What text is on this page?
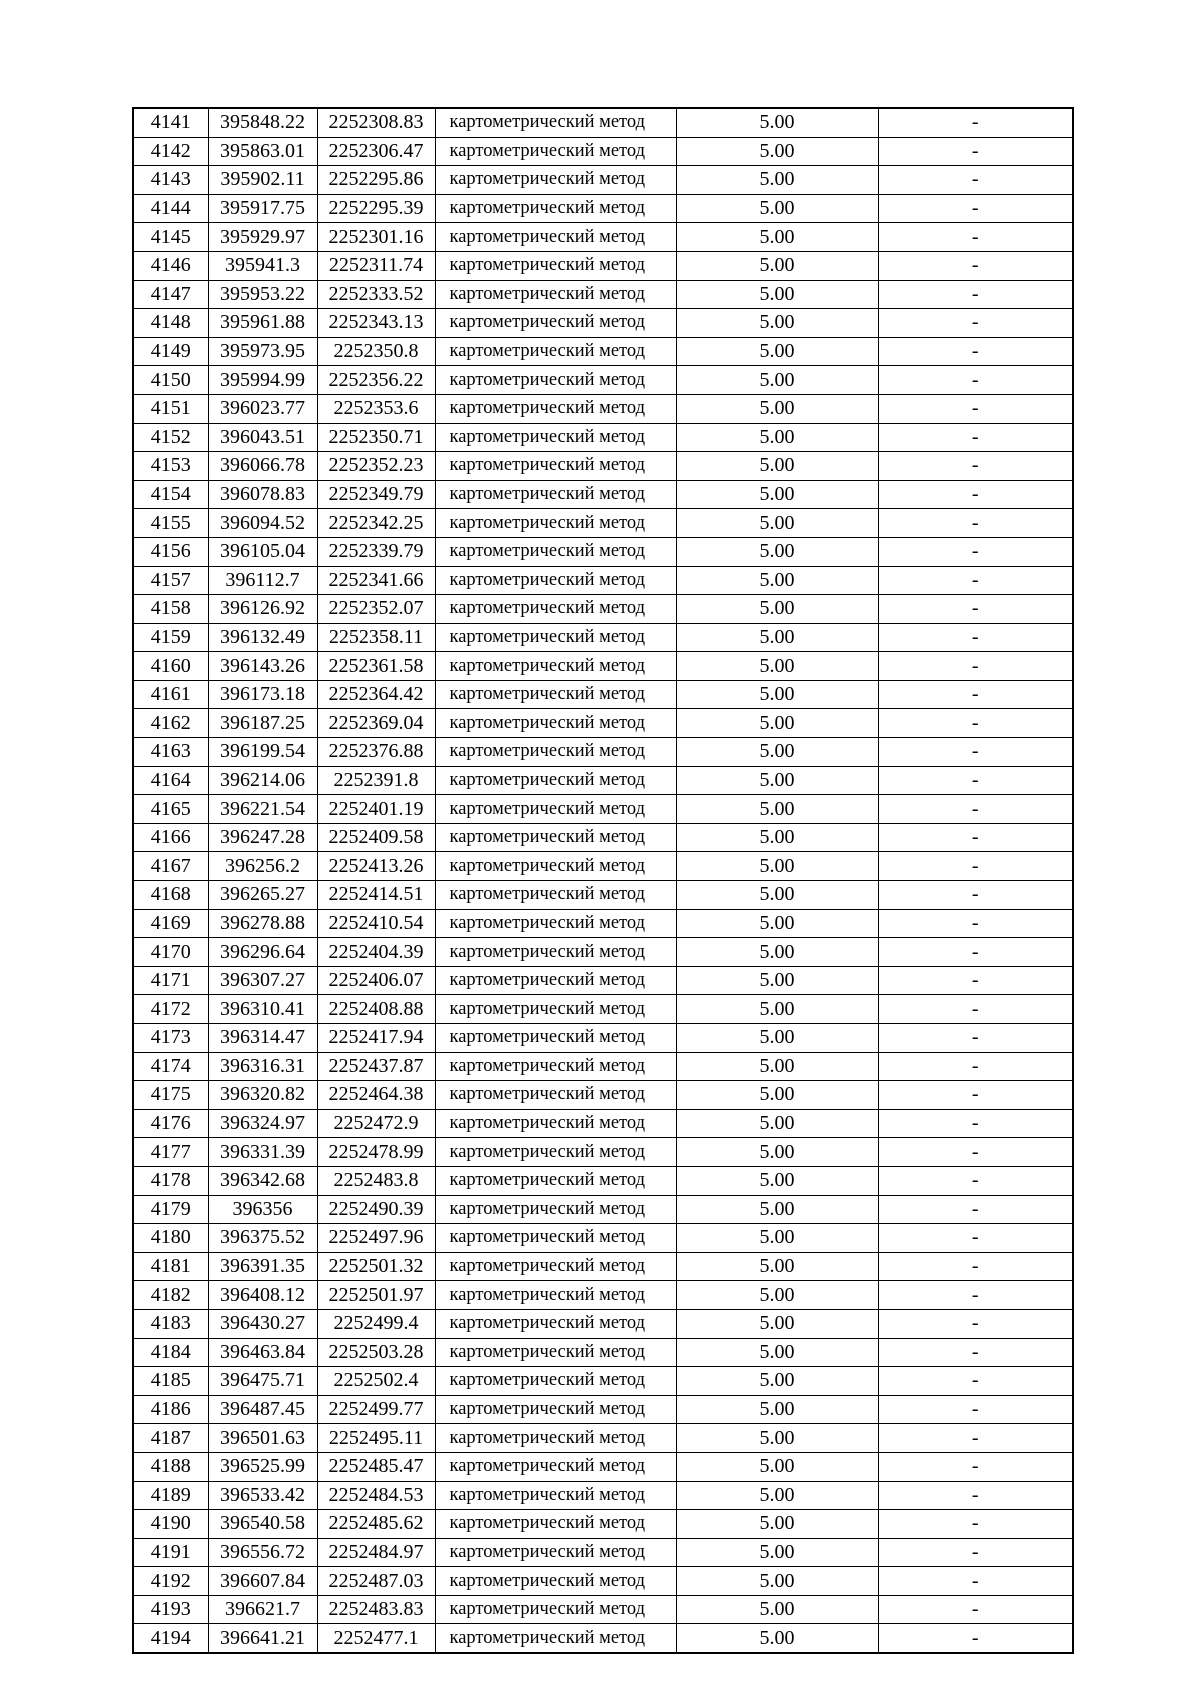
4141	395848.22	2252308.83	картометрический метод	5.00	-
4142	395863.01	2252306.47	картометрический метод	5.00	-
4143	395902.11	2252295.86	картометрический метод	5.00	-
4144	395917.75	2252295.39	картометрический метод	5.00	-
4145	395929.97	2252301.16	картометрический метод	5.00	-
4146	395941.3	2252311.74	картометрический метод	5.00	-
4147	395953.22	2252333.52	картометрический метод	5.00	-
4148	395961.88	2252343.13	картометрический метод	5.00	-
4149	395973.95	2252350.8	картометрический метод	5.00	-
4150	395994.99	2252356.22	картометрический метод	5.00	-
4151	396023.77	2252353.6	картометрический метод	5.00	-
4152	396043.51	2252350.71	картометрический метод	5.00	-
4153	396066.78	2252352.23	картометрический метод	5.00	-
4154	396078.83	2252349.79	картометрический метод	5.00	-
4155	396094.52	2252342.25	картометрический метод	5.00	-
4156	396105.04	2252339.79	картометрический метод	5.00	-
4157	396112.7	2252341.66	картометрический метод	5.00	-
4158	396126.92	2252352.07	картометрический метод	5.00	-
4159	396132.49	2252358.11	картометрический метод	5.00	-
4160	396143.26	2252361.58	картометрический метод	5.00	-
4161	396173.18	2252364.42	картометрический метод	5.00	-
4162	396187.25	2252369.04	картометрический метод	5.00	-
4163	396199.54	2252376.88	картометрический метод	5.00	-
4164	396214.06	2252391.8	картометрический метод	5.00	-
4165	396221.54	2252401.19	картометрический метод	5.00	-
4166	396247.28	2252409.58	картометрический метод	5.00	-
4167	396256.2	2252413.26	картометрический метод	5.00	-
4168	396265.27	2252414.51	картометрический метод	5.00	-
4169	396278.88	2252410.54	картометрический метод	5.00	-
4170	396296.64	2252404.39	картометрический метод	5.00	-
4171	396307.27	2252406.07	картометрический метод	5.00	-
4172	396310.41	2252408.88	картометрический метод	5.00	-
4173	396314.47	2252417.94	картометрический метод	5.00	-
4174	396316.31	2252437.87	картометрический метод	5.00	-
4175	396320.82	2252464.38	картометрический метод	5.00	-
4176	396324.97	2252472.9	картометрический метод	5.00	-
4177	396331.39	2252478.99	картометрический метод	5.00	-
4178	396342.68	2252483.8	картометрический метод	5.00	-
4179	396356	2252490.39	картометрический метод	5.00	-
4180	396375.52	2252497.96	картометрический метод	5.00	-
4181	396391.35	2252501.32	картометрический метод	5.00	-
4182	396408.12	2252501.97	картометрический метод	5.00	-
4183	396430.27	2252499.4	картометрический метод	5.00	-
4184	396463.84	2252503.28	картометрический метод	5.00	-
4185	396475.71	2252502.4	картометрический метод	5.00	-
4186	396487.45	2252499.77	картометрический метод	5.00	-
4187	396501.63	2252495.11	картометрический метод	5.00	-
4188	396525.99	2252485.47	картометрический метод	5.00	-
4189	396533.42	2252484.53	картометрический метод	5.00	-
4190	396540.58	2252485.62	картометрический метод	5.00	-
4191	396556.72	2252484.97	картометрический метод	5.00	-
4192	396607.84	2252487.03	картометрический метод	5.00	-
4193	396621.7	2252483.83	картометрический метод	5.00	-
4194	396641.21	2252477.1	картометрический метод	5.00	-
